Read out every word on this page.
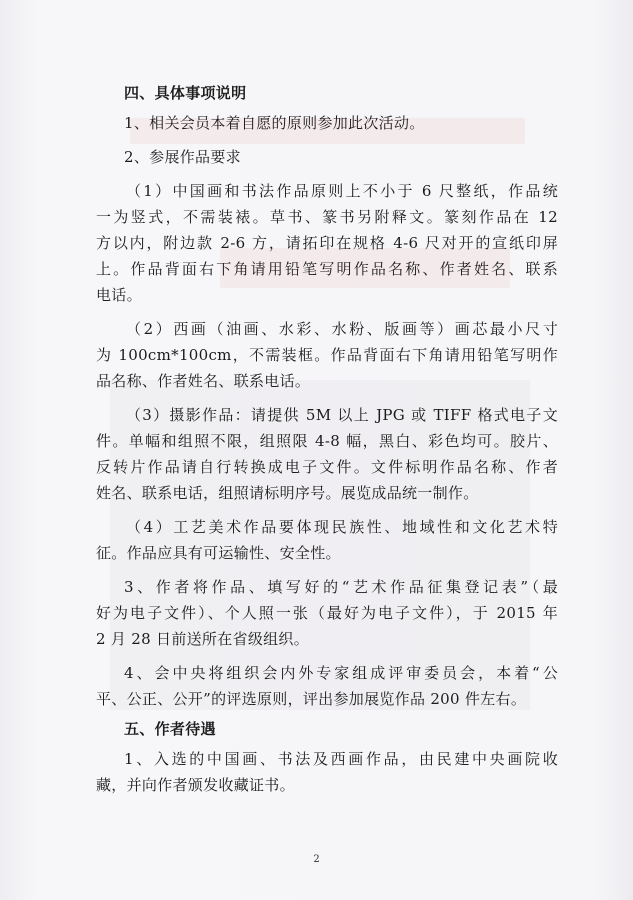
四、具体事项说明
1、相关会员本着自愿的原则参加此次活动。
2、参展作品要求
（1）中国画和书法作品原则上不小于 6 尺整纸，作品统
一为竖式，不需装裱。草书、篆书另附释文。篆刻作品在 12
方以内，附边款 2-6 方，请拓印在规格 4-6 尺对开的宣纸印屏
上。作品背面右下角请用铅笔写明作品名称、作者姓名、联系
电话。
（2）西画（油画、水彩、水粉、版画等）画芯最小尺寸
为 100cm*100cm，不需装框。作品背面右下角请用铅笔写明作
品名称、作者姓名、联系电话。
（3）摄影作品：请提供 5M 以上 JPG 或 TIFF 格式电子文
件。单幅和组照不限，组照限 4-8 幅，黑白、彩色均可。胶片、
反转片作品请自行转换成电子文件。文件标明作品名称、作者
姓名、联系电话，组照请标明序号。展览成品统一制作。
（4）工艺美术作品要体现民族性、地域性和文化艺术特
征。作品应具有可运输性、安全性。
3、作者将作品、填写好的“艺术作品征集登记表”（最
好为电子文件）、个人照一张（最好为电子文件），于 2015 年
2 月 28 日前送所在省级组织。
4、会中央将组织会内外专家组成评审委员会，本着“公
平、公正、公开”的评选原则，评出参加展览作品 200 件左右。
五、作者待遇
1、入选的中国画、书法及西画作品，由民建中央画院收
藏，并向作者颁发收藏证书。
2
